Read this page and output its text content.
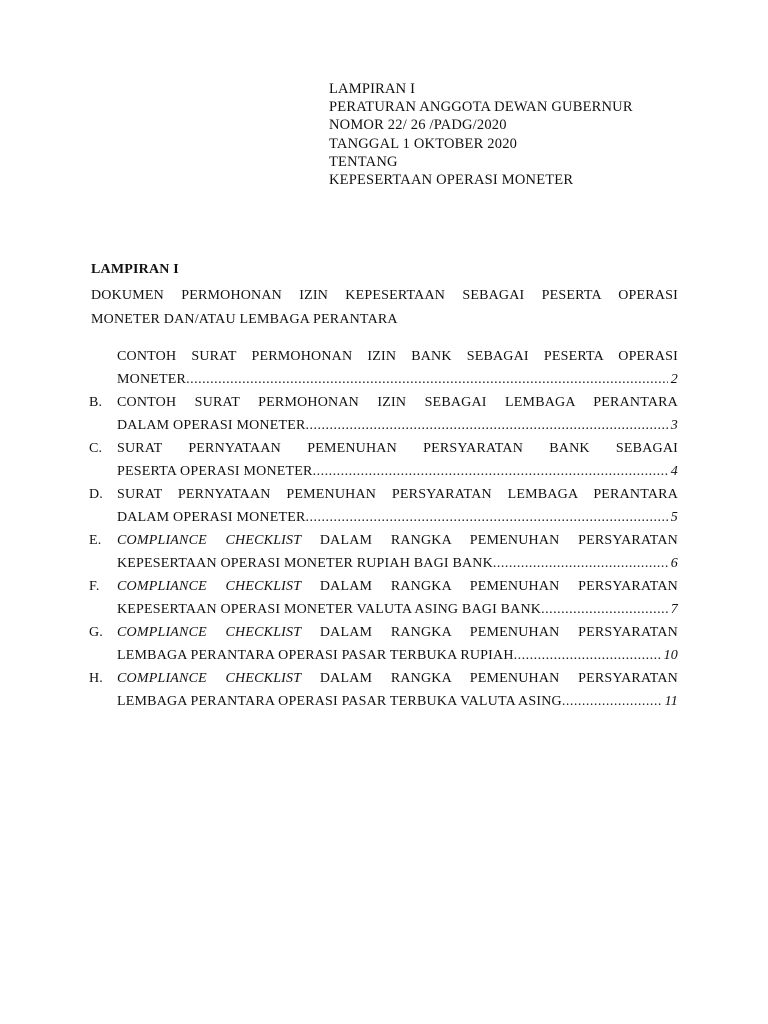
LAMPIRAN I
PERATURAN ANGGOTA DEWAN GUBERNUR
NOMOR 22/ 26 /PADG/2020
TANGGAL 1 OKTOBER 2020
TENTANG
KEPESERTAAN OPERASI MONETER
LAMPIRAN I
DOKUMEN PERMOHONAN IZIN KEPESERTAAN SEBAGAI PESERTA OPERASI
MONETER DAN/ATAU LEMBAGA PERANTARA
CONTOH SURAT PERMOHONAN IZIN BANK SEBAGAI PESERTA OPERASI
MONETER .....	2
B.	CONTOH SURAT PERMOHONAN IZIN SEBAGAI LEMBAGA PERANTARA
DALAM OPERASI MONETER .....	3
C.	SURAT PERNYATAAN PEMENUHAN PERSYARATAN BANK SEBAGAI
PESERTA OPERASI MONETER .....	4
D. SURAT PERNYATAAN PEMENUHAN PERSYARATAN LEMBAGA PERANTARA
DALAM OPERASI MONETER .....	5
E.	COMPLIANCE CHECKLIST DALAM RANGKA PEMENUHAN PERSYARATAN
KEPESERTAAN OPERASI MONETER RUPIAH BAGI BANK .....	6
F.	COMPLIANCE CHECKLIST DALAM RANGKA PEMENUHAN PERSYARATAN
KEPESERTAAN OPERASI MONETER VALUTA ASING BAGI BANK .....	7
G. COMPLIANCE CHECKLIST DALAM RANGKA PEMENUHAN PERSYARATAN
LEMBAGA PERANTARA OPERASI PASAR TERBUKA RUPIAH .....	10
H. COMPLIANCE CHECKLIST DALAM RANGKA PEMENUHAN PERSYARATAN
LEMBAGA PERANTARA OPERASI PASAR TERBUKA VALUTA ASING .....	11
